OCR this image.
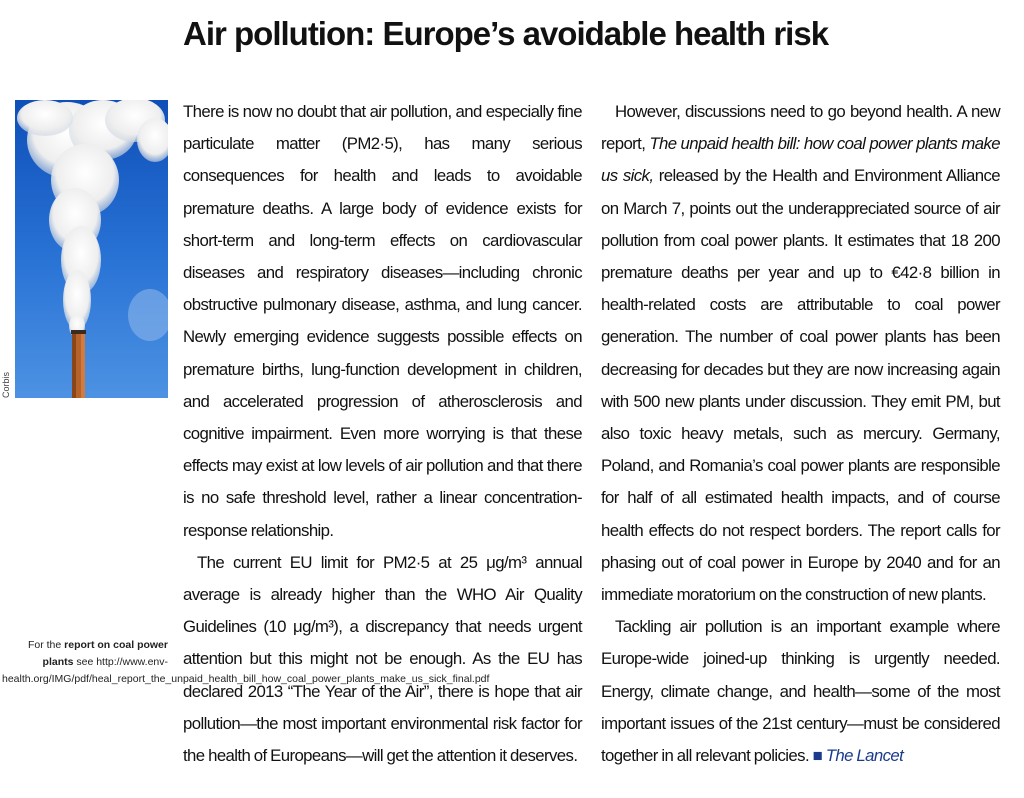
Air pollution: Europe’s avoidable health risk
Corbis
For the report on coal power plants see http://www.env-health.org/IMG/pdf/heal_report_the_unpaid_health_bill_how_coal_power_plants_make_us_sick_final.pdf

There is now no doubt that air pollution, and especially fine particulate matter (PM2·5), has many serious consequences for health and leads to avoidable premature deaths. A large body of evidence exists for short-term and long-term effects on cardiovascular diseases and respiratory diseases—including chronic obstructive pulmonary disease, asthma, and lung cancer. Newly emerging evidence suggests possible effects on premature births, lung-function development in children, and accelerated progression of atherosclerosis and cognitive impairment. Even more worrying is that these effects may exist at low levels of air pollution and that there is no safe threshold level, rather a linear concentration-response relationship.

The current EU limit for PM2·5 at 25 μg/m³ annual average is already higher than the WHO Air Quality Guidelines (10 μg/m³), a discrepancy that needs urgent attention but this might not be enough. As the EU has declared 2013 “The Year of the Air”, there is hope that air pollution—the most important environmental risk factor for the health of Europeans—will get the attention it deserves.

However, discussions need to go beyond health. A new report, The unpaid health bill: how coal power plants make us sick, released by the Health and Environment Alliance on March 7, points out the underappreciated source of air pollution from coal power plants. It estimates that 18 200 premature deaths per year and up to €42·8 billion in health-related costs are attributable to coal power generation. The number of coal power plants has been decreasing for decades but they are now increasing again with 500 new plants under discussion. They emit PM, but also toxic heavy metals, such as mercury. Germany, Poland, and Romania’s coal power plants are responsible for half of all estimated health impacts, and of course health effects do not respect borders. The report calls for phasing out of coal power in Europe by 2040 and for an immediate moratorium on the construction of new plants.

Tackling air pollution is an important example where Europe-wide joined-up thinking is urgently needed. Energy, climate change, and health—some of the most important issues of the 21st century—must be considered together in all relevant policies. ■ The Lancet
